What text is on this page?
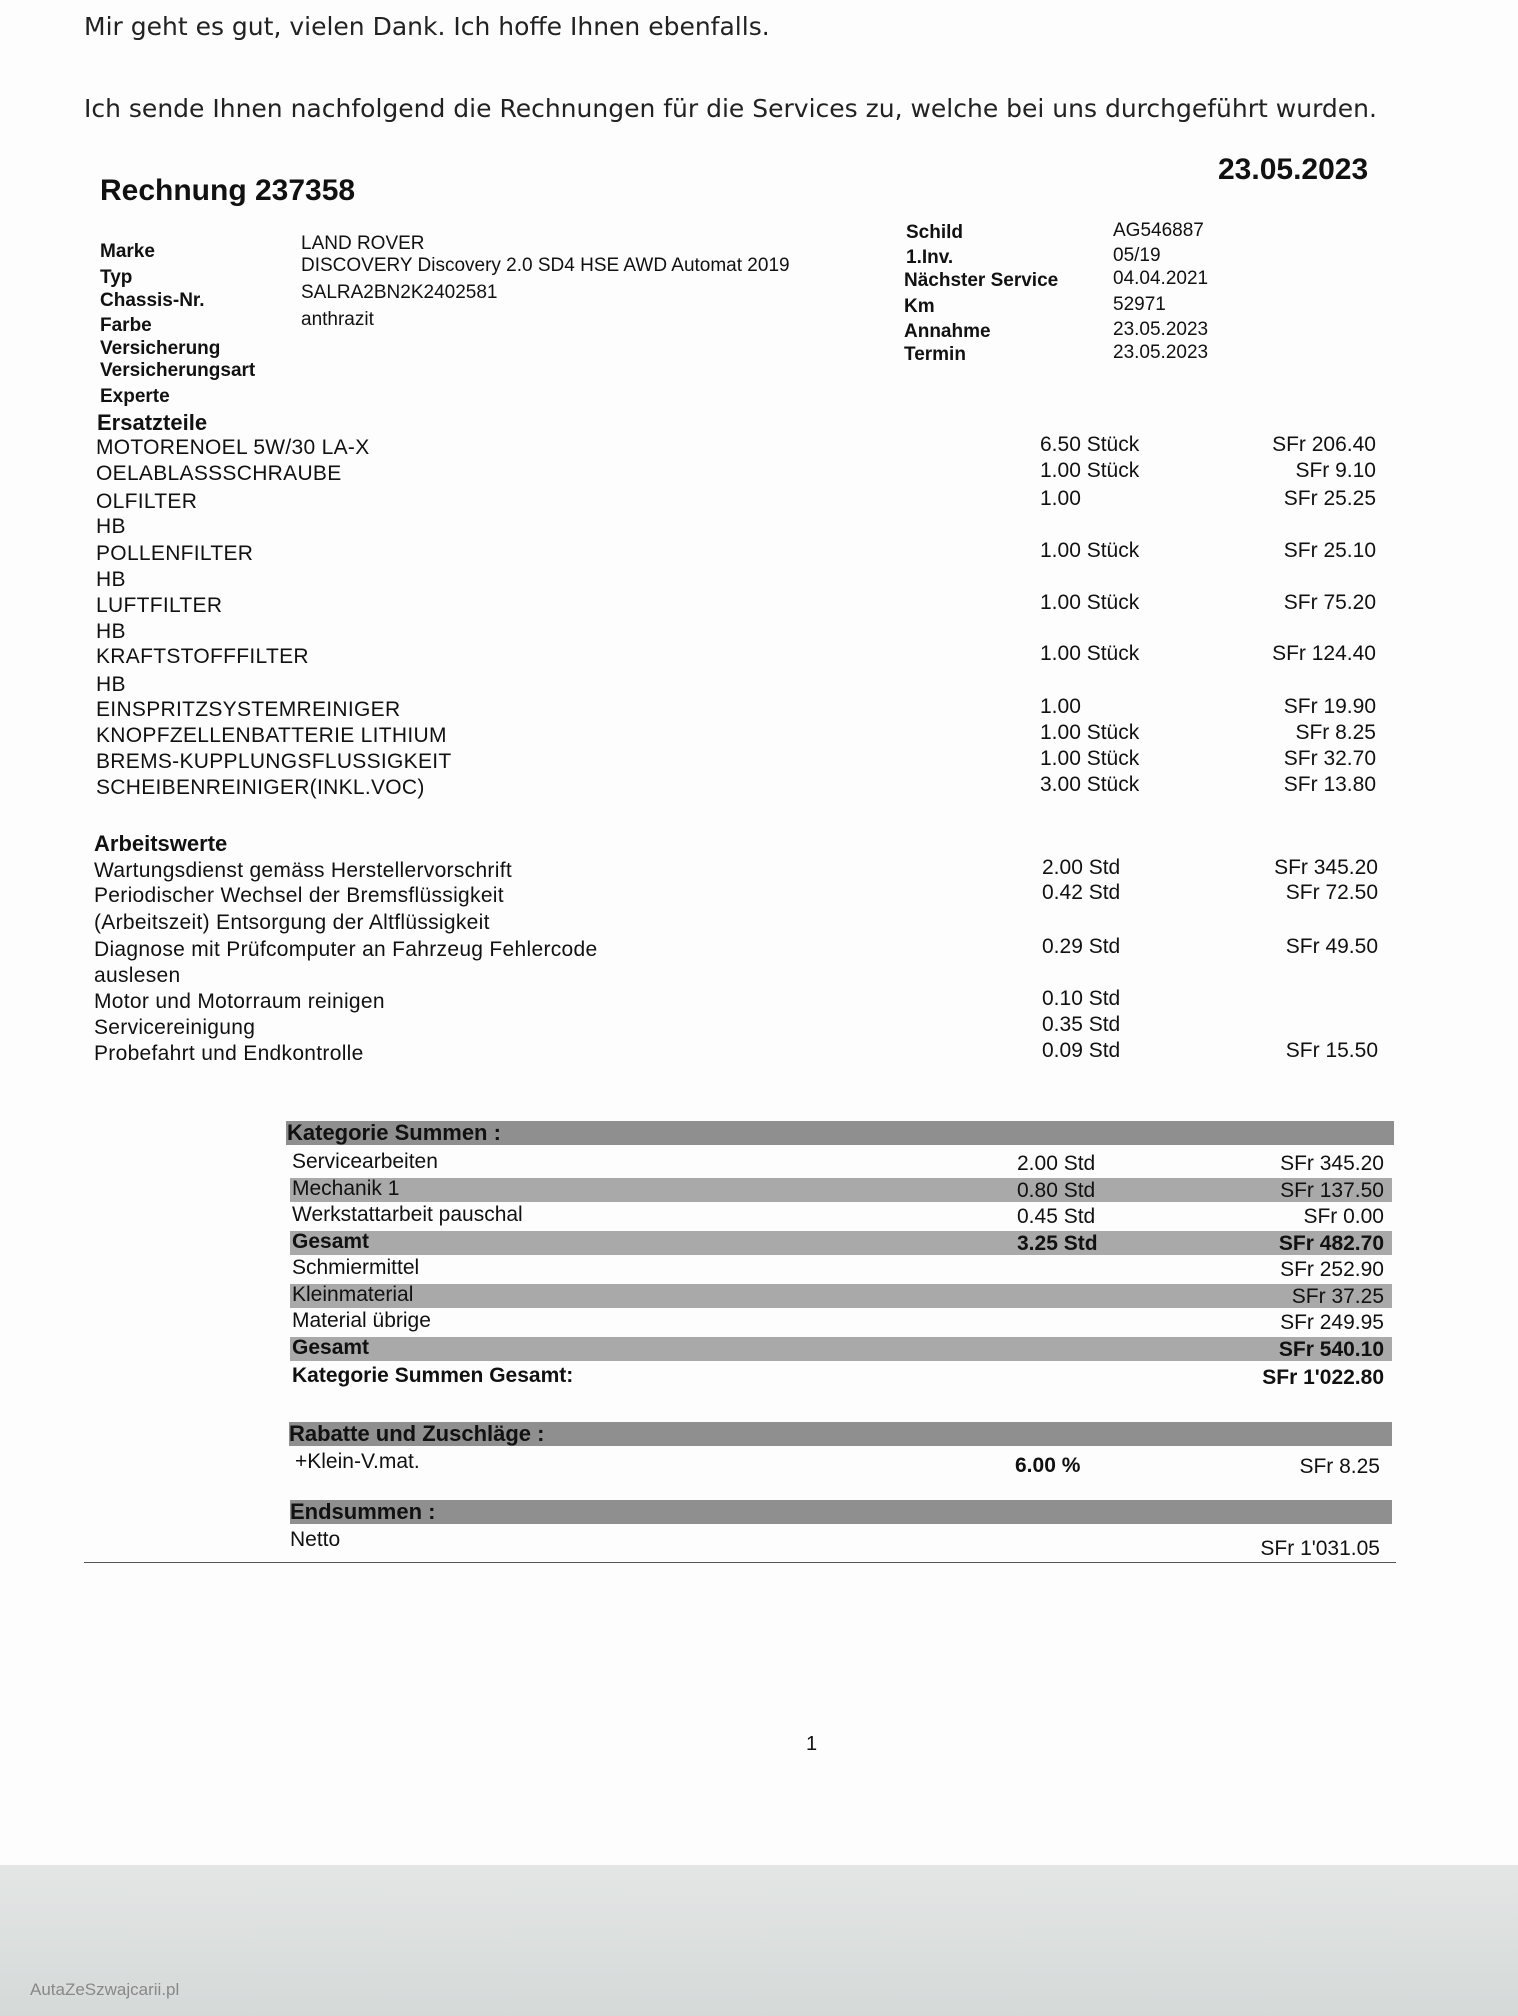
Mir geht es gut, vielen Dank. Ich hoffe Ihnen ebenfalls.
Ich sende Ihnen nachfolgend die Rechnungen für die Services zu, welche bei uns durchgeführt wurden.
Rechnung 237358
23.05.2023
Marke	LAND ROVER
Typ
DISCOVERY Discovery 2.0 SD4 HSE AWD Automat 2019
Chassis-Nr.	SALRA2BN2K2402581
Farbe	anthrazit
Versicherung
Versicherungsart
Experte
Schild	AG546887
1.Inv.	05/19
Nächster Service	04.04.2021
Km	52971
Annahme	23.05.2023
Termin	23.05.2023
Ersatzteile
MOTORENOEL 5W/30 LA-X	6.50 Stück	SFr 206.40
OELABLASSSCHRAUBE	1.00 Stück	SFr 9.10
OLFILTER	1.00	SFr 25.25
HB
POLLENFILTER	1.00 Stück	SFr 25.10
HB
LUFTFILTER	1.00 Stück	SFr 75.20
HB
KRAFTSTOFFFILTER	1.00 Stück	SFr 124.40
HB
EINSPRITZSYSTEMREINIGER	1.00	SFr 19.90
KNOPFZELLENBATTERIE LITHIUM	1.00 Stück	SFr 8.25
BREMS-KUPPLUNGSFLUSSIGKEIT	1.00 Stück	SFr 32.70
SCHEIBENREINIGER(INKL.VOC)	3.00 Stück	SFr 13.80
Arbeitswerte
Wartungsdienst gemäss Herstellervorschrift	2.00 Std	SFr 345.20
Periodischer Wechsel der Bremsflüssigkeit	0.42 Std	SFr 72.50
(Arbeitszeit) Entsorgung der Altflüssigkeit
Diagnose mit Prüfcomputer an Fahrzeug Fehlercode	0.29 Std	SFr 49.50
auslesen
Motor und Motorraum reinigen	0.10 Std
Servicereinigung	0.35 Std
Probefahrt und Endkontrolle	0.09 Std	SFr 15.50
Kategorie Summen :
Servicearbeiten	2.00 Std	SFr 345.20
Mechanik 1	0.80 Std	SFr 137.50
Werkstattarbeit pauschal	0.45 Std	SFr 0.00
Gesamt	3.25 Std	SFr 482.70
Schmiermittel	SFr 252.90
Kleinmaterial	SFr 37.25
Material übrige	SFr 249.95
Gesamt	SFr 540.10
Kategorie Summen Gesamt:	SFr 1'022.80
Rabatte und Zuschläge :
+Klein-V.mat.	6.00 %	SFr 8.25
Endsummen :
Netto	SFr 1'031.05
1
AutaZeSzwajcarii.pl
